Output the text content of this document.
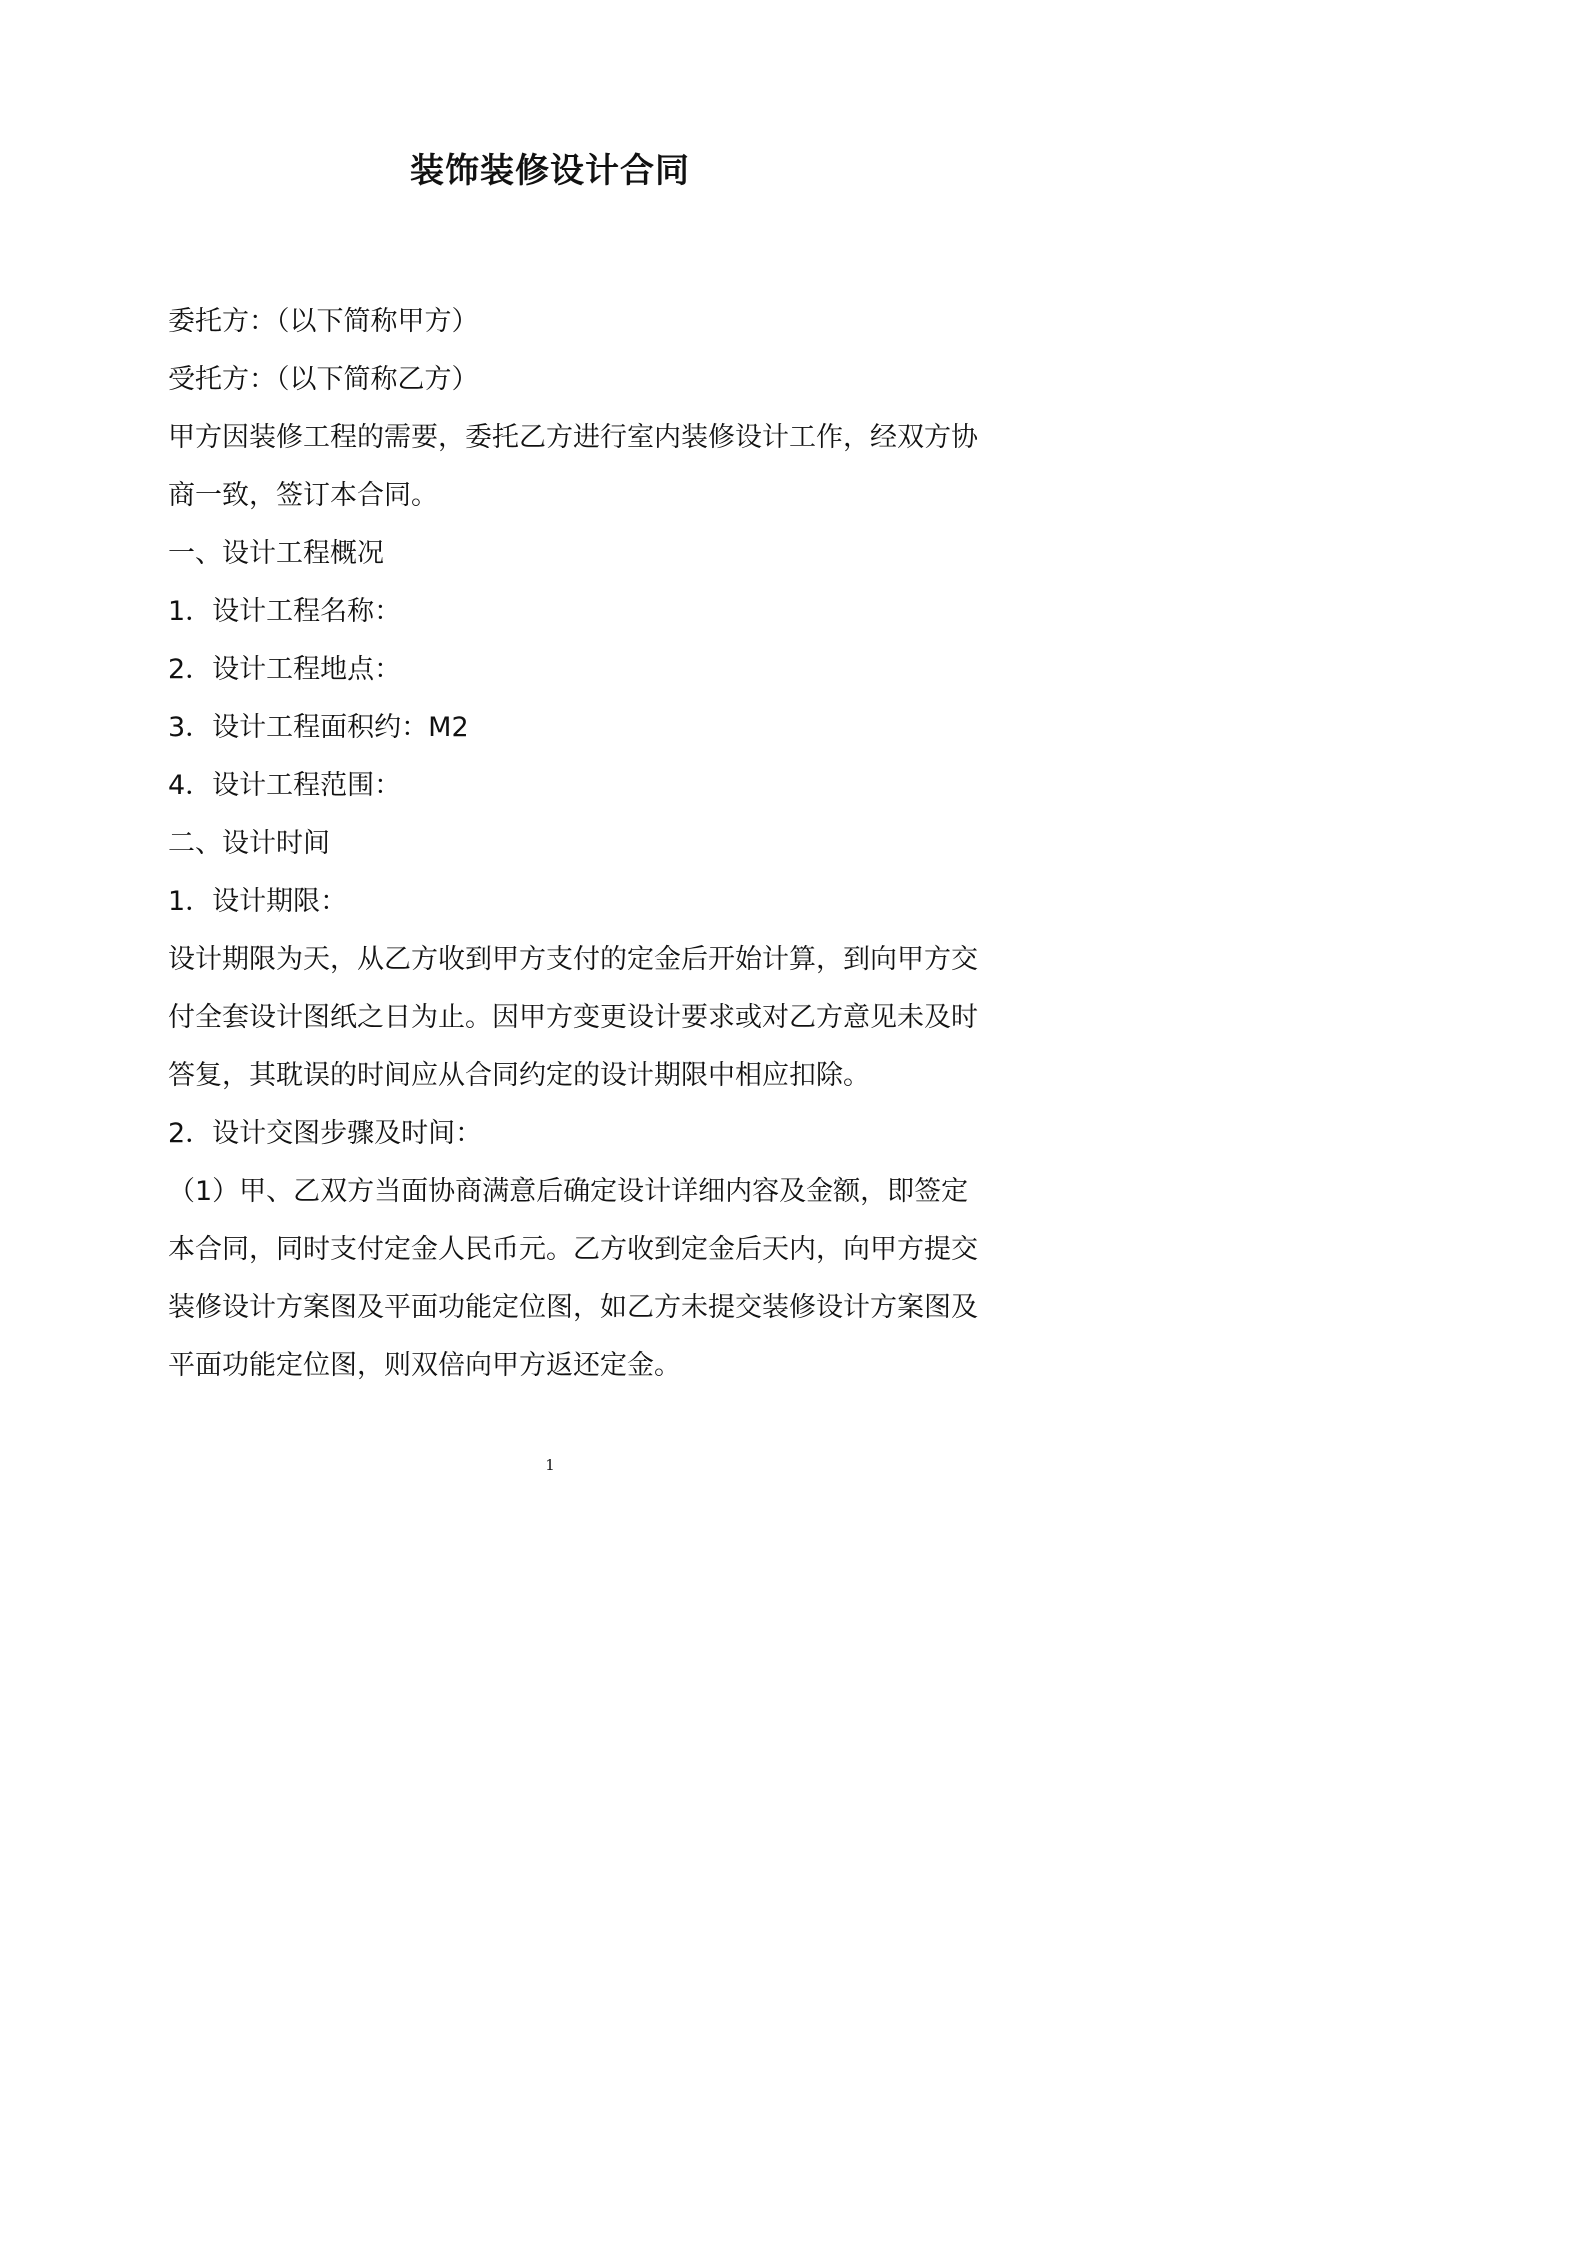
装饰装修设计合同
委托方：（以下简称甲方）
受托方：（以下简称乙方）
甲方因装修工程的需要，委托乙方进行室内装修设计工作，经双方协
商一致，签订本合同。
一、设计工程概况
1．设计工程名称：
2．设计工程地点：
3．设计工程面积约：M2
4．设计工程范围：
二、设计时间
1．设计期限：
设计期限为天，从乙方收到甲方支付的定金后开始计算，到向甲方交
付全套设计图纸之日为止。因甲方变更设计要求或对乙方意见未及时
答复，其耽误的时间应从合同约定的设计期限中相应扣除。
2．设计交图步骤及时间：
（1）甲、乙双方当面协商满意后确定设计详细内容及金额，即签定
本合同，同时支付定金人民币元。乙方收到定金后天内，向甲方提交
装修设计方案图及平面功能定位图，如乙方未提交装修设计方案图及
平面功能定位图，则双倍向甲方返还定金。
1
